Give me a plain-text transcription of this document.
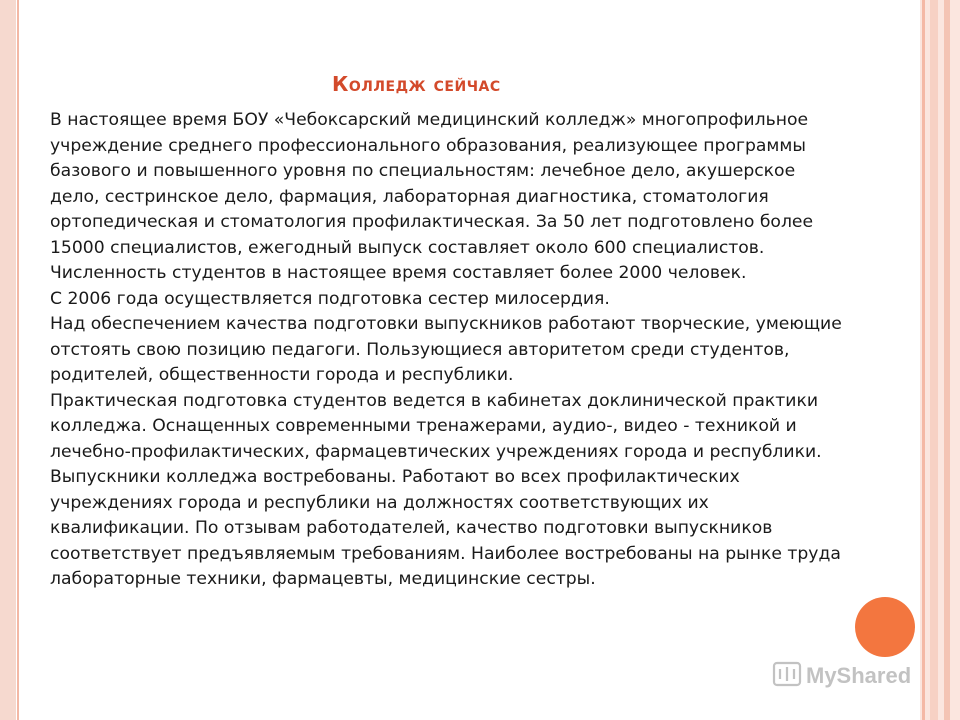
Колледж сейчас

В настоящее время БОУ «Чебоксарский медицинский колледж» многопрофильное учреждение среднего профессионального образования, реализующее программы базового и повышенного уровня по специальностям: лечебное дело, акушерское дело, сестринское дело, фармация, лабораторная диагностика, стоматология ортопедическая и стоматология профилактическая. За 50 лет подготовлено более 15000 специалистов, ежегодный выпуск составляет около 600 специалистов. Численность студентов в настоящее время составляет более 2000 человек.

С 2006 года осуществляется подготовка сестер милосердия.

Над обеспечением качества подготовки выпускников работают творческие, умеющие отстоять свою позицию педагоги. Пользующиеся авторитетом среди студентов, родителей, общественности города и республики.

Практическая подготовка студентов ведется в кабинетах доклинической практики колледжа. Оснащенных современными тренажерами, аудио-, видео - техникой и лечебно-профилактических, фармацевтических учреждениях города и республики.

Выпускники колледжа востребованы. Работают во всех профилактических учреждениях города и республики на должностях соответствующих их квалификации. По отзывам работодателей, качество подготовки выпускников соответствует предъявляемым требованиям. Наиболее востребованы на рынке труда лабораторные техники, фармацевты, медицинские сестры.

MyShared
